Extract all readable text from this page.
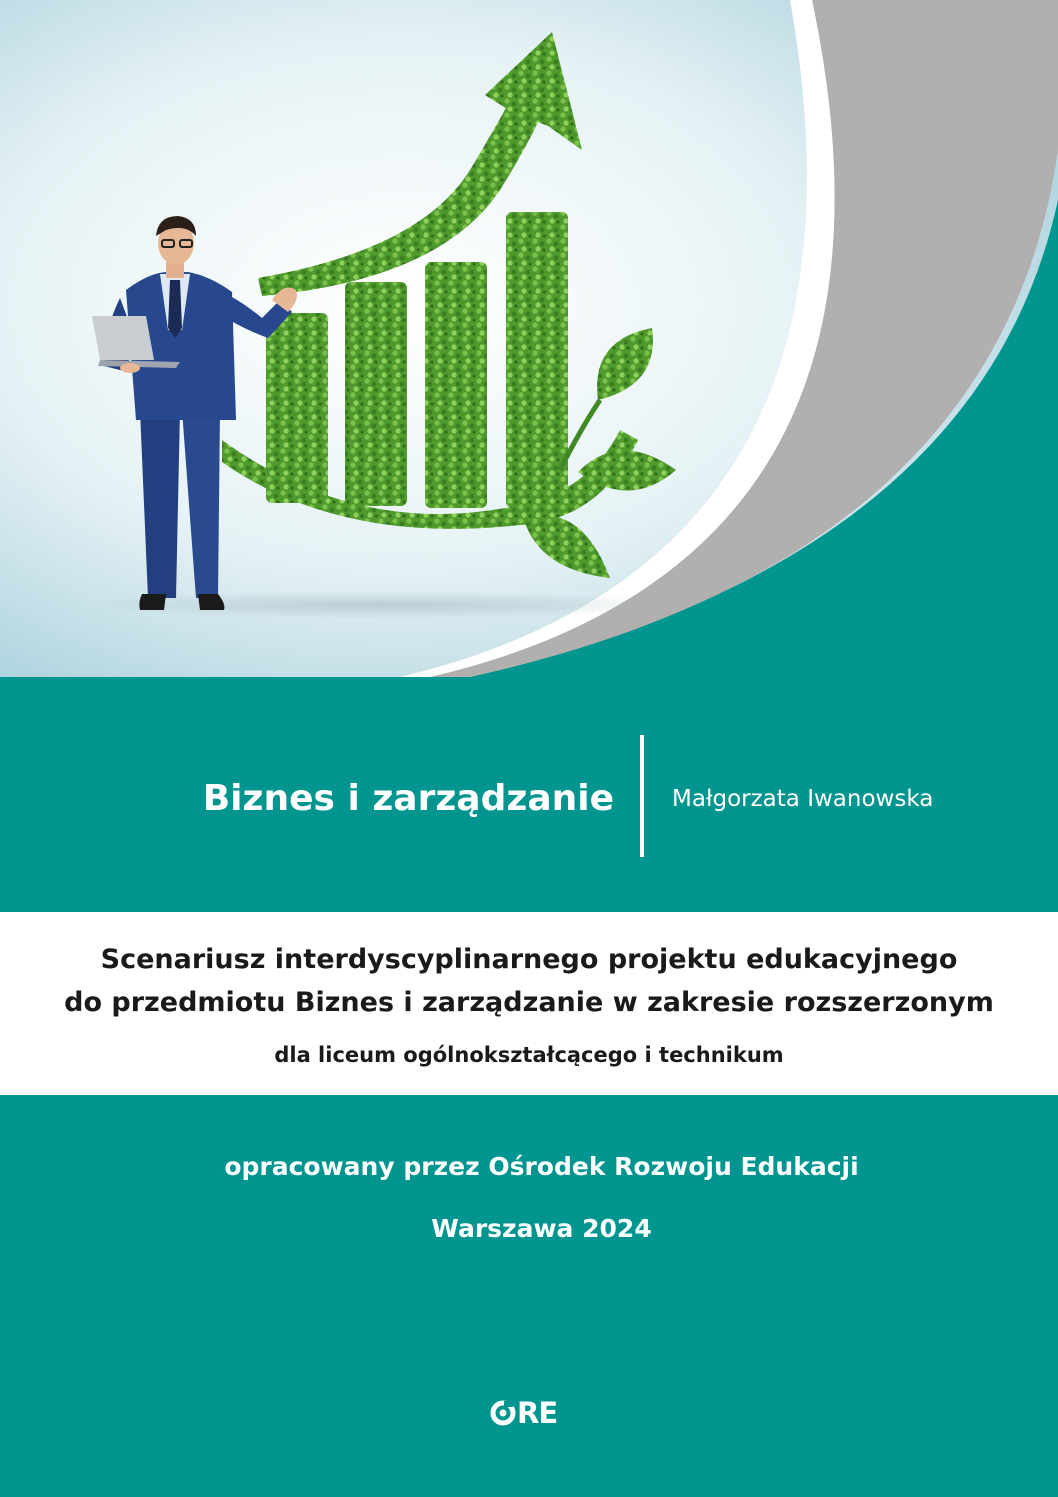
Biznes i zarządzanie	Małgorzata Iwanowska
Scenariusz interdyscyplinarnego projektu edukacyjnego
do przedmiotu Biznes i zarządzanie w zakresie rozszerzonym
dla liceum ogólnokształcącego i technikum
opracowany przez Ośrodek Rozwoju Edukacji
Warszawa 2024
RE
